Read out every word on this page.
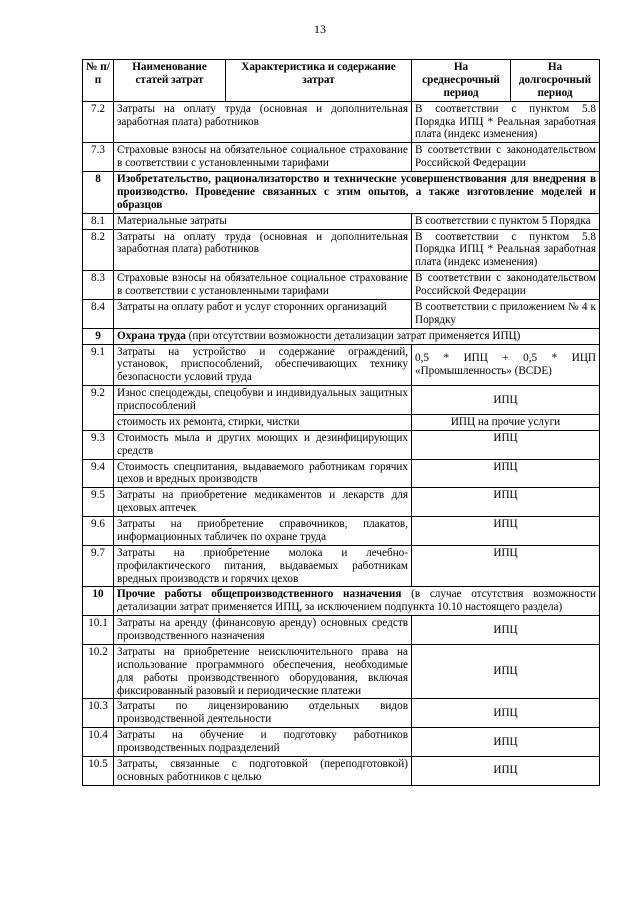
13
№ п/п	Наименование статей затрат	Характеристика и содержание затрат	На среднесрочный период	На долгосрочный период
7.2	Затраты на оплату труда (основная и дополнительная заработная плата) работников		В соответствии с пунктом 5.8 Порядка ИПЦ * Реальная заработная плата (индекс изменения)	
7.3	Страховые взносы на обязательное социальное страхование в соответствии с установленными тарифами		В соответствии с законодательством Российской Федерации	
8	Изобретательство, рационализаторство и технические усовершенствования для внедрения в производство. Проведение связанных с этим опытов, а также изготовление моделей и образцов			
8.1	Материальные затраты		В соответствии с пунктом 5 Порядка	
8.2	Затраты на оплату труда (основная и дополнительная заработная плата) работников		В соответствии с пунктом 5.8 Порядка ИПЦ * Реальная заработная плата (индекс изменения)	
8.3	Страховые взносы на обязательное социальное страхование в соответствии с установленными тарифами		В соответствии с законодательством Российской Федерации	
8.4	Затраты на оплату работ и услуг сторонних организаций		В соответствии с приложением № 4 к Порядку	
9	Охрана труда (при отсутствии возможности детализации затрат применяется ИПЦ)			
9.1	Затраты на устройство и содержание ограждений, установок, приспособлений, обеспечивающих технику безопасности условий труда		0,5 * ИПЦ + 0,5 * ИЦП «Промышленность» (BCDE)	
9.2	Износ спецодежды, спецобуви и индивидуальных защитных приспособлений		ИПЦ	
	стоимость их ремонта, стирки, чистки		ИПЦ на прочие услуги	
9.3	Стоимость мыла и других моющих и дезинфицирующих средств		ИПЦ	
9.4	Стоимость спецпитания, выдаваемого работникам горячих цехов и вредных производств		ИПЦ	
9.5	Затраты на приобретение медикаментов и лекарств для цеховых аптечек		ИПЦ	
9.6	Затраты на приобретение справочников, плакатов, информационных табличек по охране труда		ИПЦ	
9.7	Затраты на приобретение молока и лечебно-профилактического питания, выдаваемых работникам вредных производств и горячих цехов		ИПЦ	
10	Прочие работы общепроизводственного назначения (в случае отсутствия возможности детализации затрат применяется ИПЦ, за исключением подпункта 10.10 настоящего раздела)			
10.1	Затраты на аренду (финансовую аренду) основных средств производственного назначения		ИПЦ	
10.2	Затраты на приобретение неисключительного права на использование программного обеспечения, необходимые для работы производственного оборудования, включая фиксированный разовый и периодические платежи		ИПЦ	
10.3	Затраты по лицензированию отдельных видов производственной деятельности		ИПЦ	
10.4	Затраты на обучение и подготовку работников производственных подразделений		ИПЦ	
10.5	Затраты, связанные с подготовкой (переподготовкой) основных работников с целью		ИПЦ	
